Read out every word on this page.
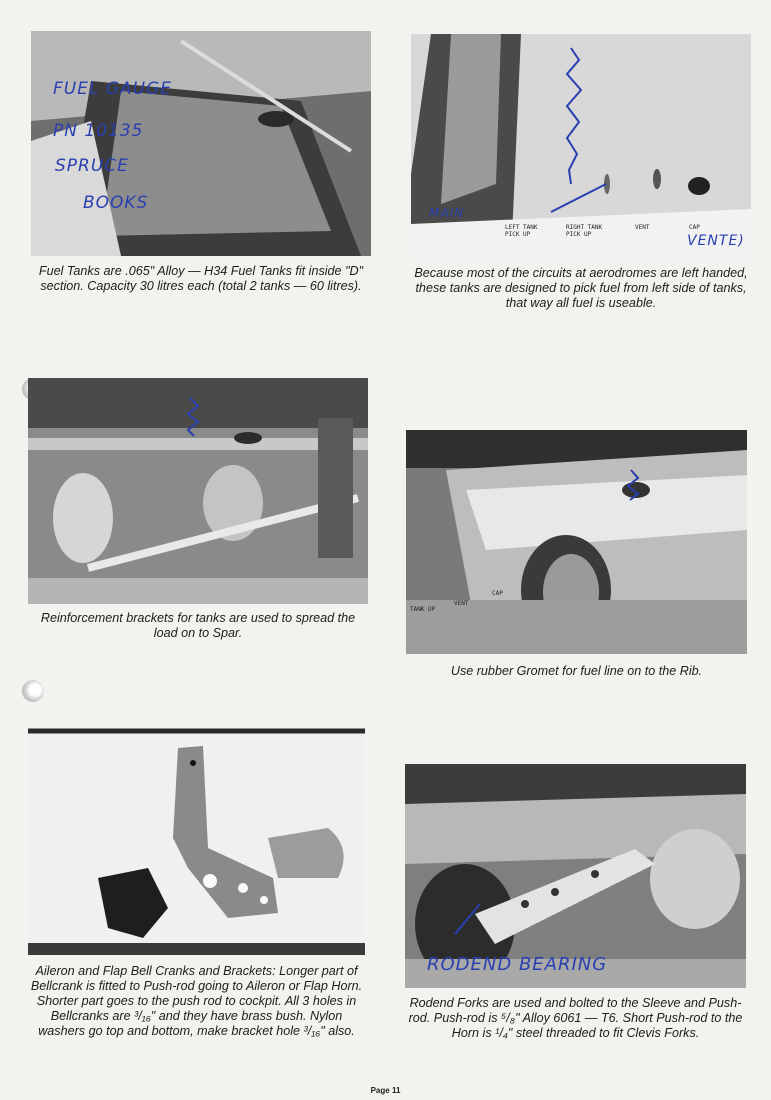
FUEL GAUGE
PN 10135
SPRUCE
BOOKS
Fuel Tanks are .065" Alloy — H34 Fuel Tanks fit inside "D" section. Capacity 30 litres each (total 2 tanks — 60 litres).
MAIN
VENTE)
LEFT TANK PICK UP
RIGHT TANK PICK UP
VENT	CAP
Because most of the circuits at aerodromes are left handed, these tanks are designed to pick fuel from left side of tanks, that way all fuel is useable.
Reinforcement brackets for tanks are used to spread the load on to Spar.
TANK UP
VENT
CAP
Use rubber Gromet for fuel line on to the Rib.
Aileron and Flap Bell Cranks and Brackets: Longer part of Bellcrank is fitted to Push-rod going to Aileron or Flap Horn. Shorter part goes to the push rod to cockpit. All 3 holes in Bellcranks are ³/₁₆" and they have brass bush. Nylon washers go top and bottom, make bracket hole ³/₁₆" also.
RODEND BEARING
Rodend Forks are used and bolted to the Sleeve and Push-rod. Push-rod is ⁵/₈" Alloy 6061 — T6. Short Push-rod to the Horn is ¹/₄" steel threaded to fit Clevis Forks.
Page 11
